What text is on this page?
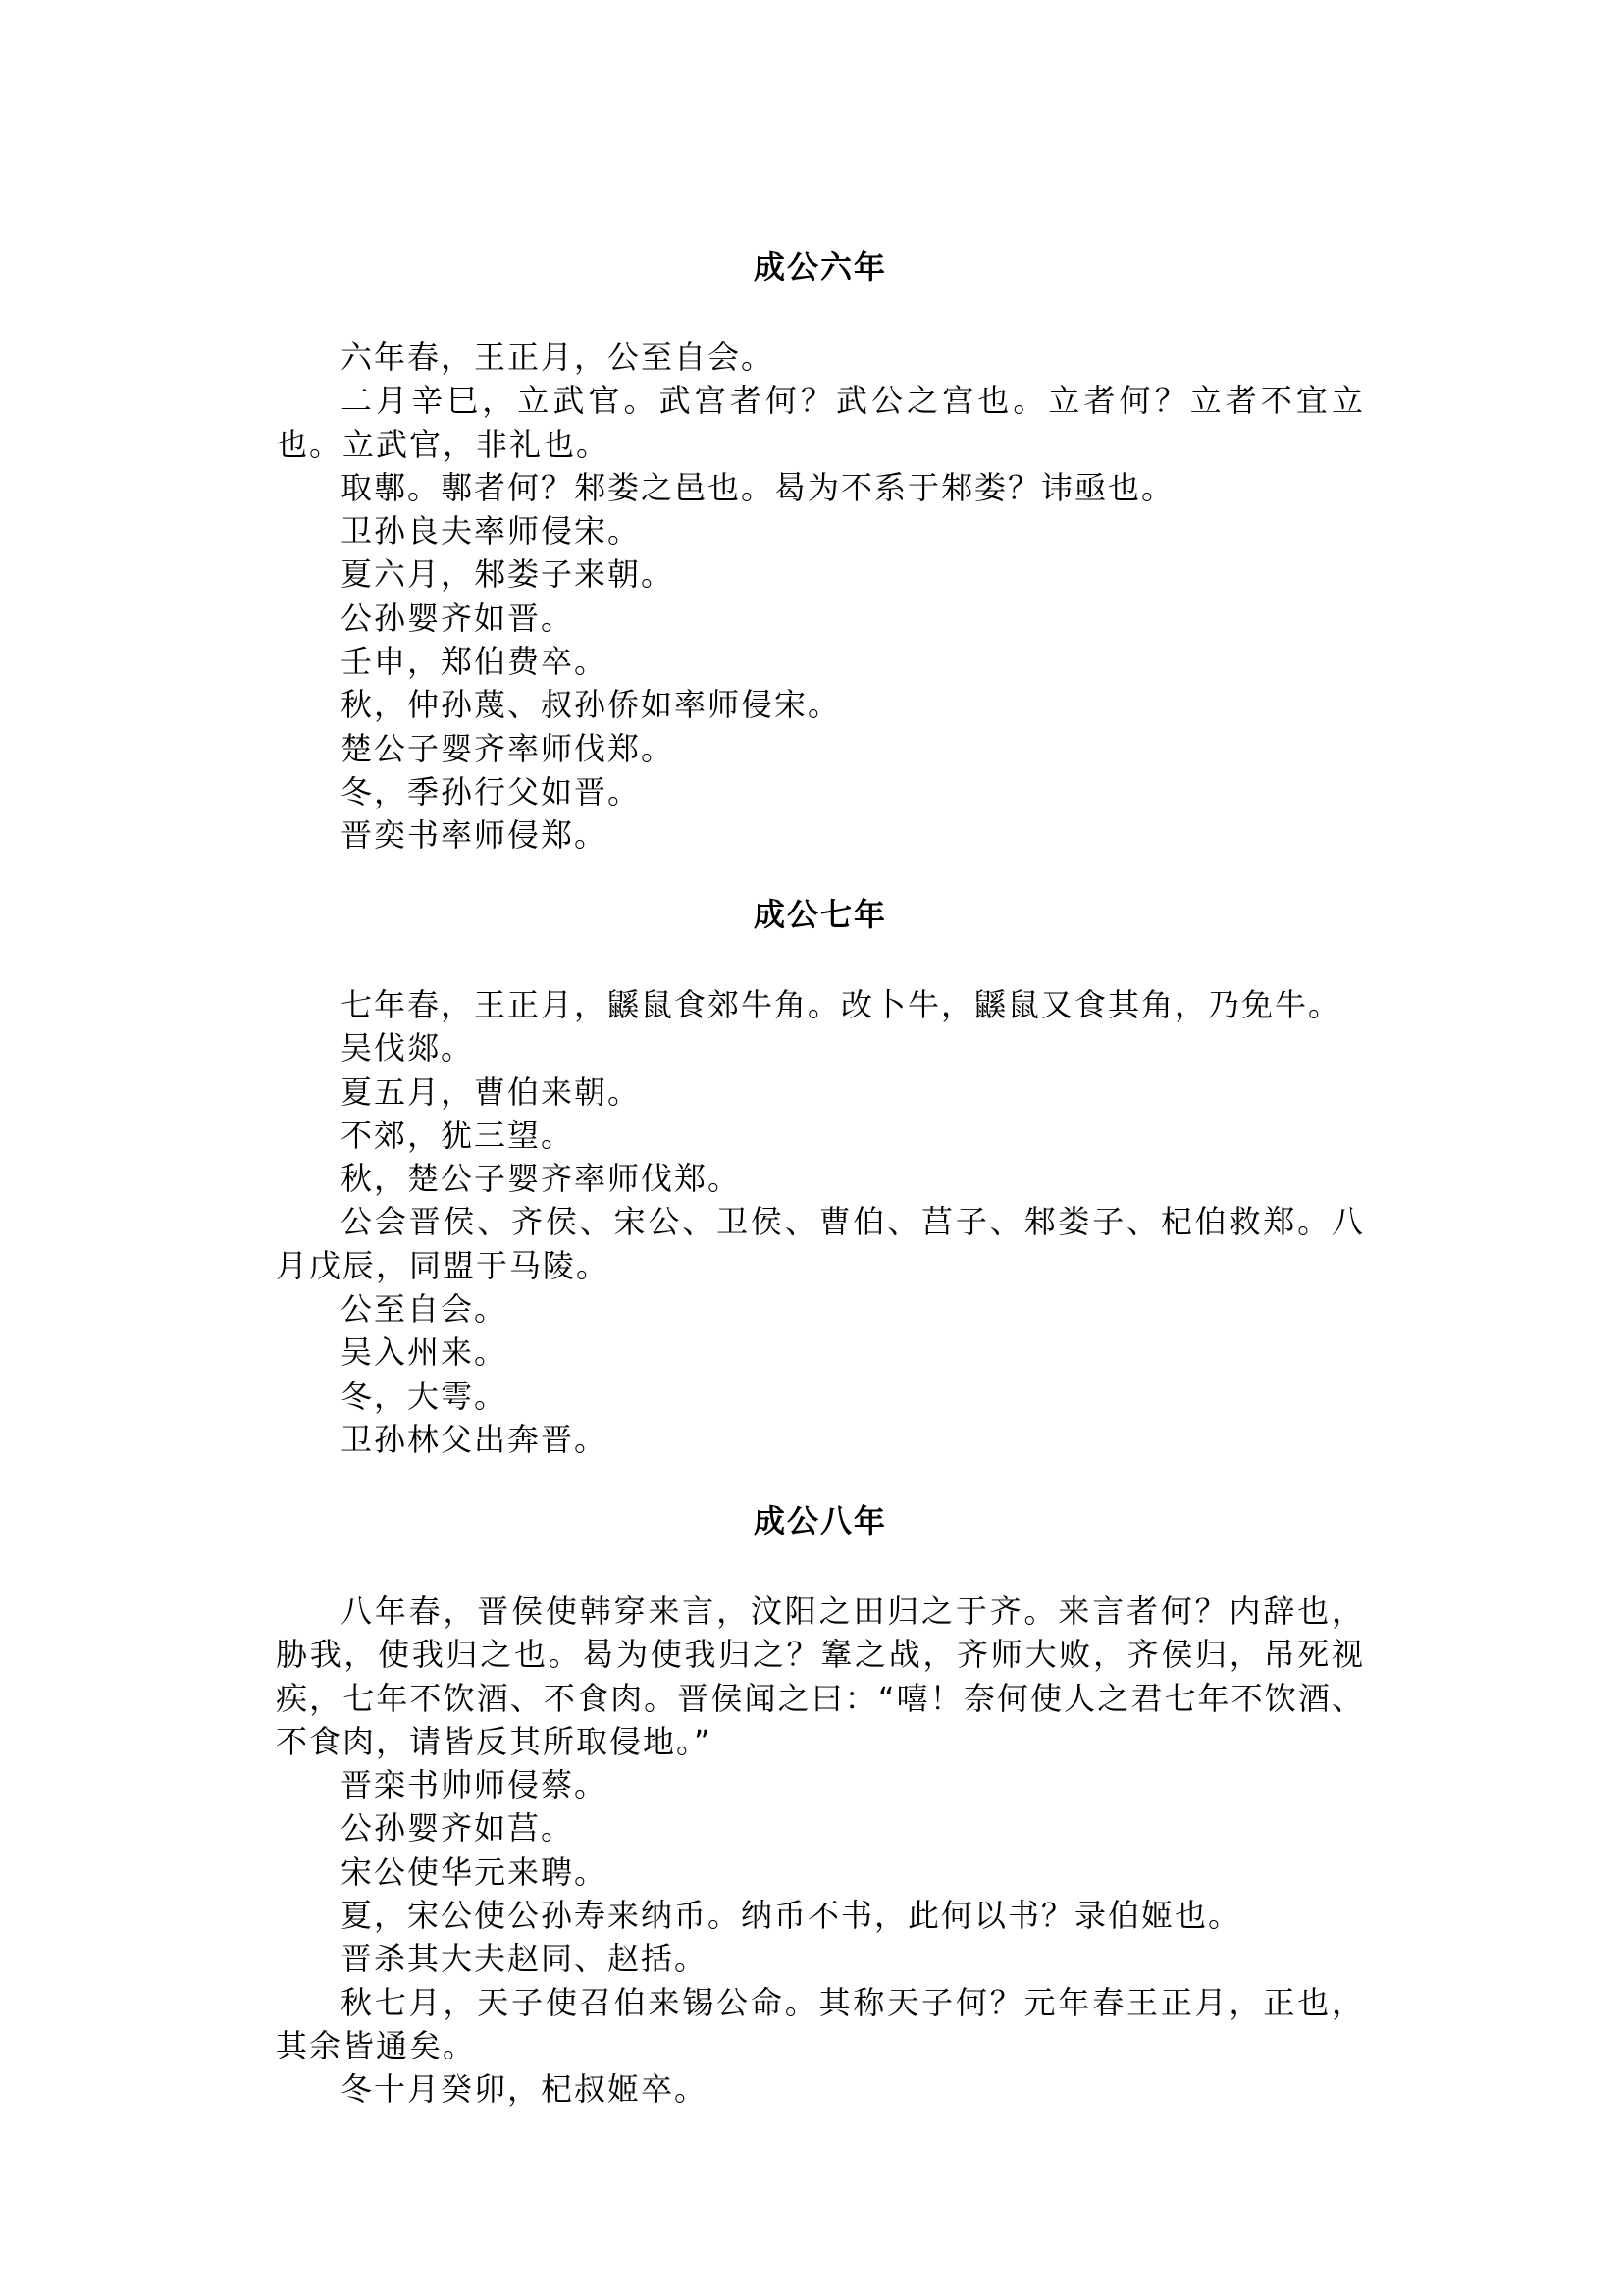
成公六年

六年春，王正月，公至自会。

二月辛巳，立武官。武宫者何？武公之宫也。立者何？立者不宜立也。立武官，非礼也。

取鄟。鄟者何？邾娄之邑也。曷为不系于邾娄？讳亟也。

卫孙良夫率师侵宋。

夏六月，邾娄子来朝。

公孙婴齐如晋。

壬申，郑伯费卒。

秋，仲孙蔑、叔孙侨如率师侵宋。

楚公子婴齐率师伐郑。

冬，季孙行父如晋。

晋奕书率师侵郑。

成公七年

七年春，王正月，鼷鼠食郊牛角。改卜牛，鼷鼠又食其角，乃免牛。

吴伐郯。

夏五月，曹伯来朝。

不郊，犹三望。

秋，楚公子婴齐率师伐郑。

公会晋侯、齐侯、宋公、卫侯、曹伯、莒子、邾娄子、杞伯救郑。八月戊辰，同盟于马陵。

公至自会。

吴入州来。

冬，大雩。

卫孙林父出奔晋。

成公八年

八年春，晋侯使韩穿来言，汶阳之田归之于齐。来言者何？内辞也，胁我，使我归之也。曷为使我归之？鞌之战，齐师大败，齐侯归，吊死视疾，七年不饮酒、不食肉。晋侯闻之曰：“嘻！奈何使人之君七年不饮酒、不食肉，请皆反其所取侵地。”

晋栾书帅师侵蔡。

公孙婴齐如莒。

宋公使华元来聘。

夏，宋公使公孙寿来纳币。纳币不书，此何以书？录伯姬也。

晋杀其大夫赵同、赵括。

秋七月，天子使召伯来锡公命。其称天子何？元年春王正月，正也，其余皆通矣。

冬十月癸卯，杞叔姬卒。
